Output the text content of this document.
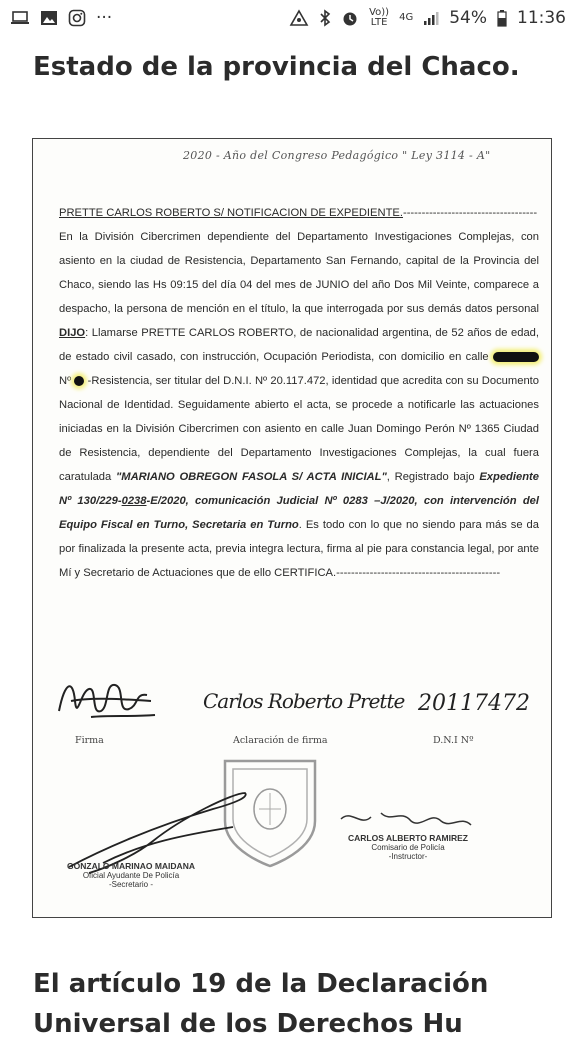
···	Vo))
LTE 4G 54% 11:36
Estado de la provincia del Chaco.
2020 - Año del Congreso Pedagógico " Ley 3114 - A"

PRETTE CARLOS ROBERTO S/ NOTIFICACION DE EXPEDIENTE.------------------------------------

En la División Cibercrimen dependiente del Departamento Investigaciones Complejas, con asiento en la ciudad de Resistencia, Departamento San Fernando, capital de la Provincia del Chaco, siendo las Hs 09:15 del día 04 del mes de JUNIO del año Dos Mil Veinte, comparece a despacho, la persona de mención en el título, la que interrogada por sus demás datos personal DIJO: Llamarse PRETTE CARLOS ROBERTO, de nacionalidad argentina, de 52 años de edad, de estado civil casado, con instrucción, Ocupación Periodista, con domicilio en calle  Nº  -Resistencia, ser titular del D.N.I. Nº 20.117.472, identidad que acredita con su Documento Nacional de Identidad. Seguidamente abierto el acta, se procede a notificarle las actuaciones iniciadas en la División Cibercrimen con asiento en calle Juan Domingo Perón Nº 1365 Ciudad de Resistencia, dependiente del Departamento Investigaciones Complejas, la cual fuera caratulada "MARIANO OBREGON FASOLA S/ ACTA INICIAL", Registrado bajo Expediente Nº 130/229-0238-E/2020, comunicación Judicial Nº 0283 –J/2020, con intervención del Equipo Fiscal en Turno, Secretaria en Turno. Es todo con lo que no siendo para más se da por finalizada la presente acta, previa integra lectura, firma al pie para constancia legal, por ante Mí y Secretario de Actuaciones que de ello CERTIFICA.--------------------------------------------

Carlos Roberto Prette 20117472
Firma	Aclaración de firma	D.N.I Nº
GONZALO MARINAO MAIDANA
Oficial Ayudante De Policía
-Secretario -
CARLOS ALBERTO RAMIREZ
Comisario de Policía
-Instructor-
El artículo 19 de la Declaración Universal de los Derechos Hu
